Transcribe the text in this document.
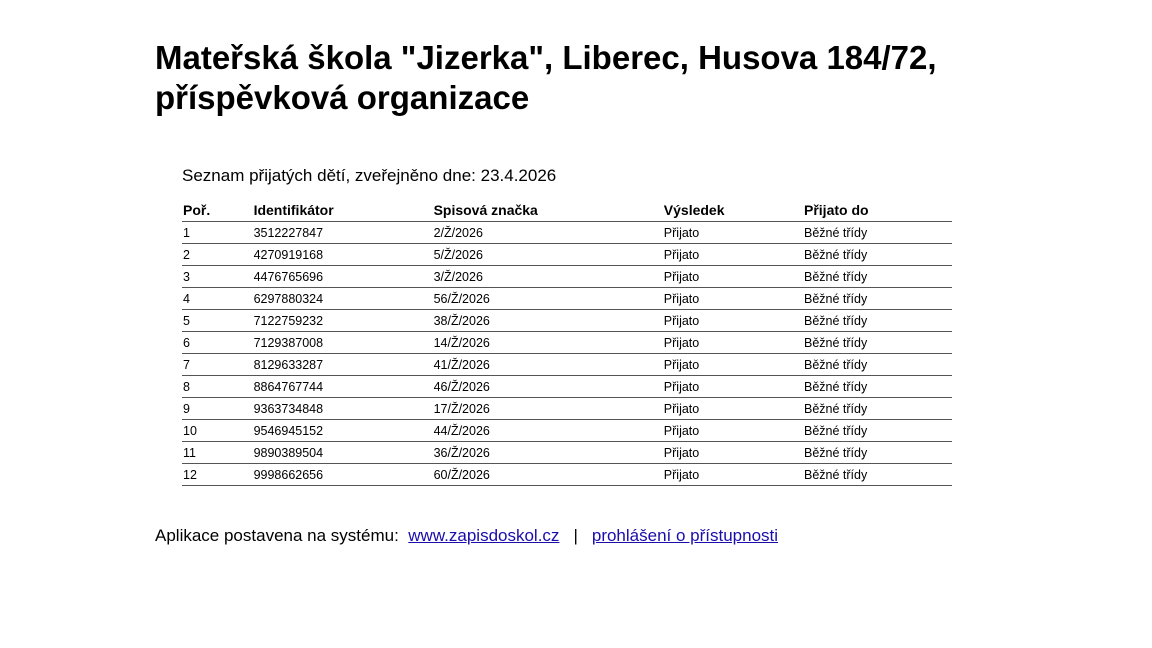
Mateřská škola "Jizerka", Liberec, Husova 184/72,
příspěvková organizace
Seznam přijatých dětí, zveřejněno dne: 23.4.2026
Poř.	Identifikátor	Spisová značka	Výsledek	Přijato do
1	3512227847	2/Ž/2026	Přijato	Běžné třídy
2	4270919168	5/Ž/2026	Přijato	Běžné třídy
3	4476765696	3/Ž/2026	Přijato	Běžné třídy
4	6297880324	56/Ž/2026	Přijato	Běžné třídy
5	7122759232	38/Ž/2026	Přijato	Běžné třídy
6	7129387008	14/Ž/2026	Přijato	Běžné třídy
7	8129633287	41/Ž/2026	Přijato	Běžné třídy
8	8864767744	46/Ž/2026	Přijato	Běžné třídy
9	9363734848	17/Ž/2026	Přijato	Běžné třídy
10	9546945152	44/Ž/2026	Přijato	Běžné třídy
11	9890389504	36/Ž/2026	Přijato	Běžné třídy
12	9998662656	60/Ž/2026	Přijato	Běžné třídy
Aplikace postavena na systému: www.zapisdoskol.cz | prohlášení o přístupnosti
